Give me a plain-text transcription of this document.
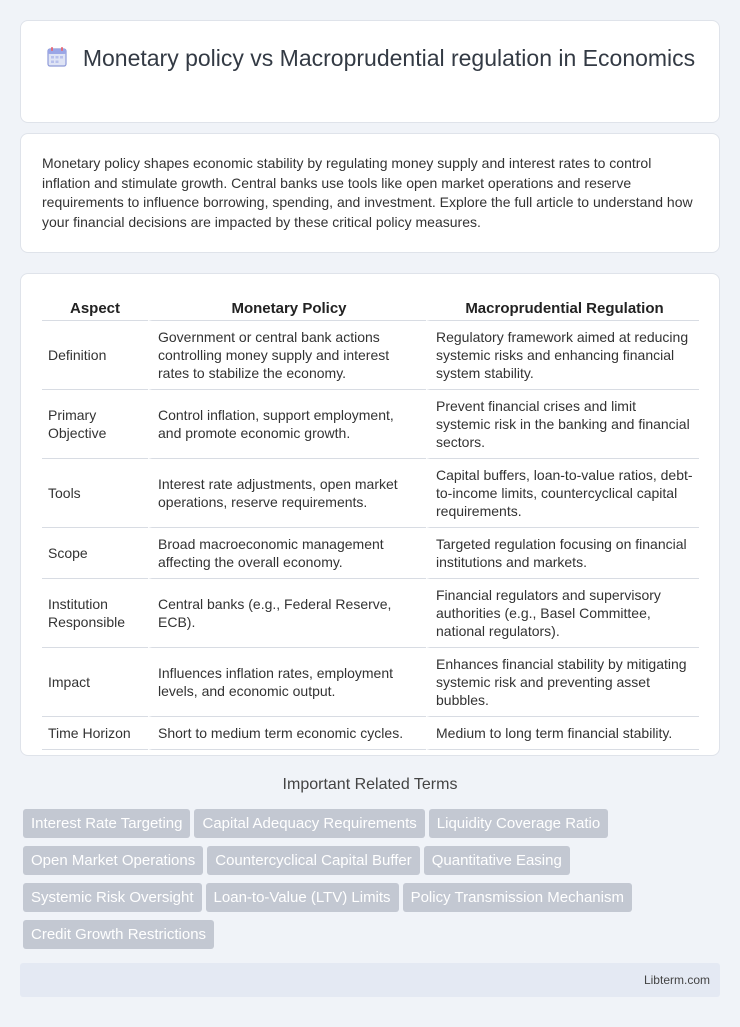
Monetary policy vs Macroprudential regulation in Economics

Monetary policy shapes economic stability by regulating money supply and interest rates to control inflation and stimulate growth. Central banks use tools like open market operations and reserve requirements to influence borrowing, spending, and investment. Explore the full article to understand how your financial decisions are impacted by these critical policy measures.

Aspect	Monetary Policy	Macroprudential Regulation
Definition	Government or central bank actions controlling money supply and interest rates to stabilize the economy.	Regulatory framework aimed at reducing systemic risks and enhancing financial system stability.
Primary Objective	Control inflation, support employment, and promote economic growth.	Prevent financial crises and limit systemic risk in the banking and financial sectors.
Tools	Interest rate adjustments, open market operations, reserve requirements.	Capital buffers, loan-to-value ratios, debt-to-income limits, countercyclical capital requirements.
Scope	Broad macroeconomic management affecting the overall economy.	Targeted regulation focusing on financial institutions and markets.
Institution Responsible	Central banks (e.g., Federal Reserve, ECB).	Financial regulators and supervisory authorities (e.g., Basel Committee, national regulators).
Impact	Influences inflation rates, employment levels, and economic output.	Enhances financial stability by mitigating systemic risk and preventing asset bubbles.
Time Horizon	Short to medium term economic cycles.	Medium to long term financial stability.
Important Related Terms
Interest Rate Targeting Capital Adequacy Requirements Liquidity Coverage Ratio
Open Market Operations Countercyclical Capital Buffer Quantitative Easing
Systemic Risk Oversight Loan-to-Value (LTV) Limits Policy Transmission Mechanism
Credit Growth Restrictions
Libterm.com
